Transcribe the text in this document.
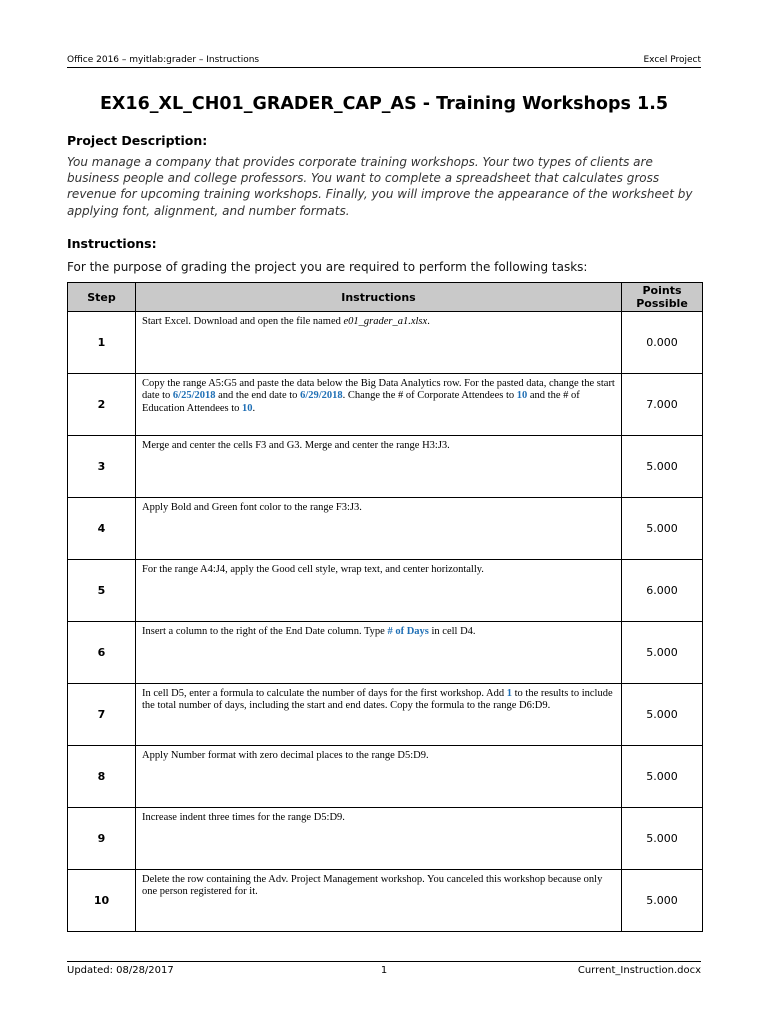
Office 2016 – myitlab:grader – Instructions	Excel Project
EX16_XL_CH01_GRADER_CAP_AS - Training Workshops 1.5
Project Description:
You manage a company that provides corporate training workshops. Your two types of clients are business people and college professors. You want to complete a spreadsheet that calculates gross revenue for upcoming training workshops. Finally, you will improve the appearance of the worksheet by applying font, alignment, and number formats.
Instructions:
For the purpose of grading the project you are required to perform the following tasks:
Step	Instructions	Points Possible
1	Start Excel. Download and open the file named e01_grader_a1.xlsx.	0.000
2	Copy the range A5:G5 and paste the data below the Big Data Analytics row. For the pasted data, change the start date to 6/25/2018 and the end date to 6/29/2018. Change the # of Corporate Attendees to 10 and the # of Education Attendees to 10.	7.000
3	Merge and center the cells F3 and G3. Merge and center the range H3:J3.	5.000
4	Apply Bold and Green font color to the range F3:J3.	5.000
5	For the range A4:J4, apply the Good cell style, wrap text, and center horizontally.	6.000
6	Insert a column to the right of the End Date column. Type # of Days in cell D4.	5.000
7	In cell D5, enter a formula to calculate the number of days for the first workshop. Add 1 to the results to include the total number of days, including the start and end dates. Copy the formula to the range D6:D9.	5.000
8	Apply Number format with zero decimal places to the range D5:D9.	5.000
9	Increase indent three times for the range D5:D9.	5.000
10	Delete the row containing the Adv. Project Management workshop. You canceled this workshop because only one person registered for it.	5.000
Updated: 08/28/2017	1	Current_Instruction.docx
